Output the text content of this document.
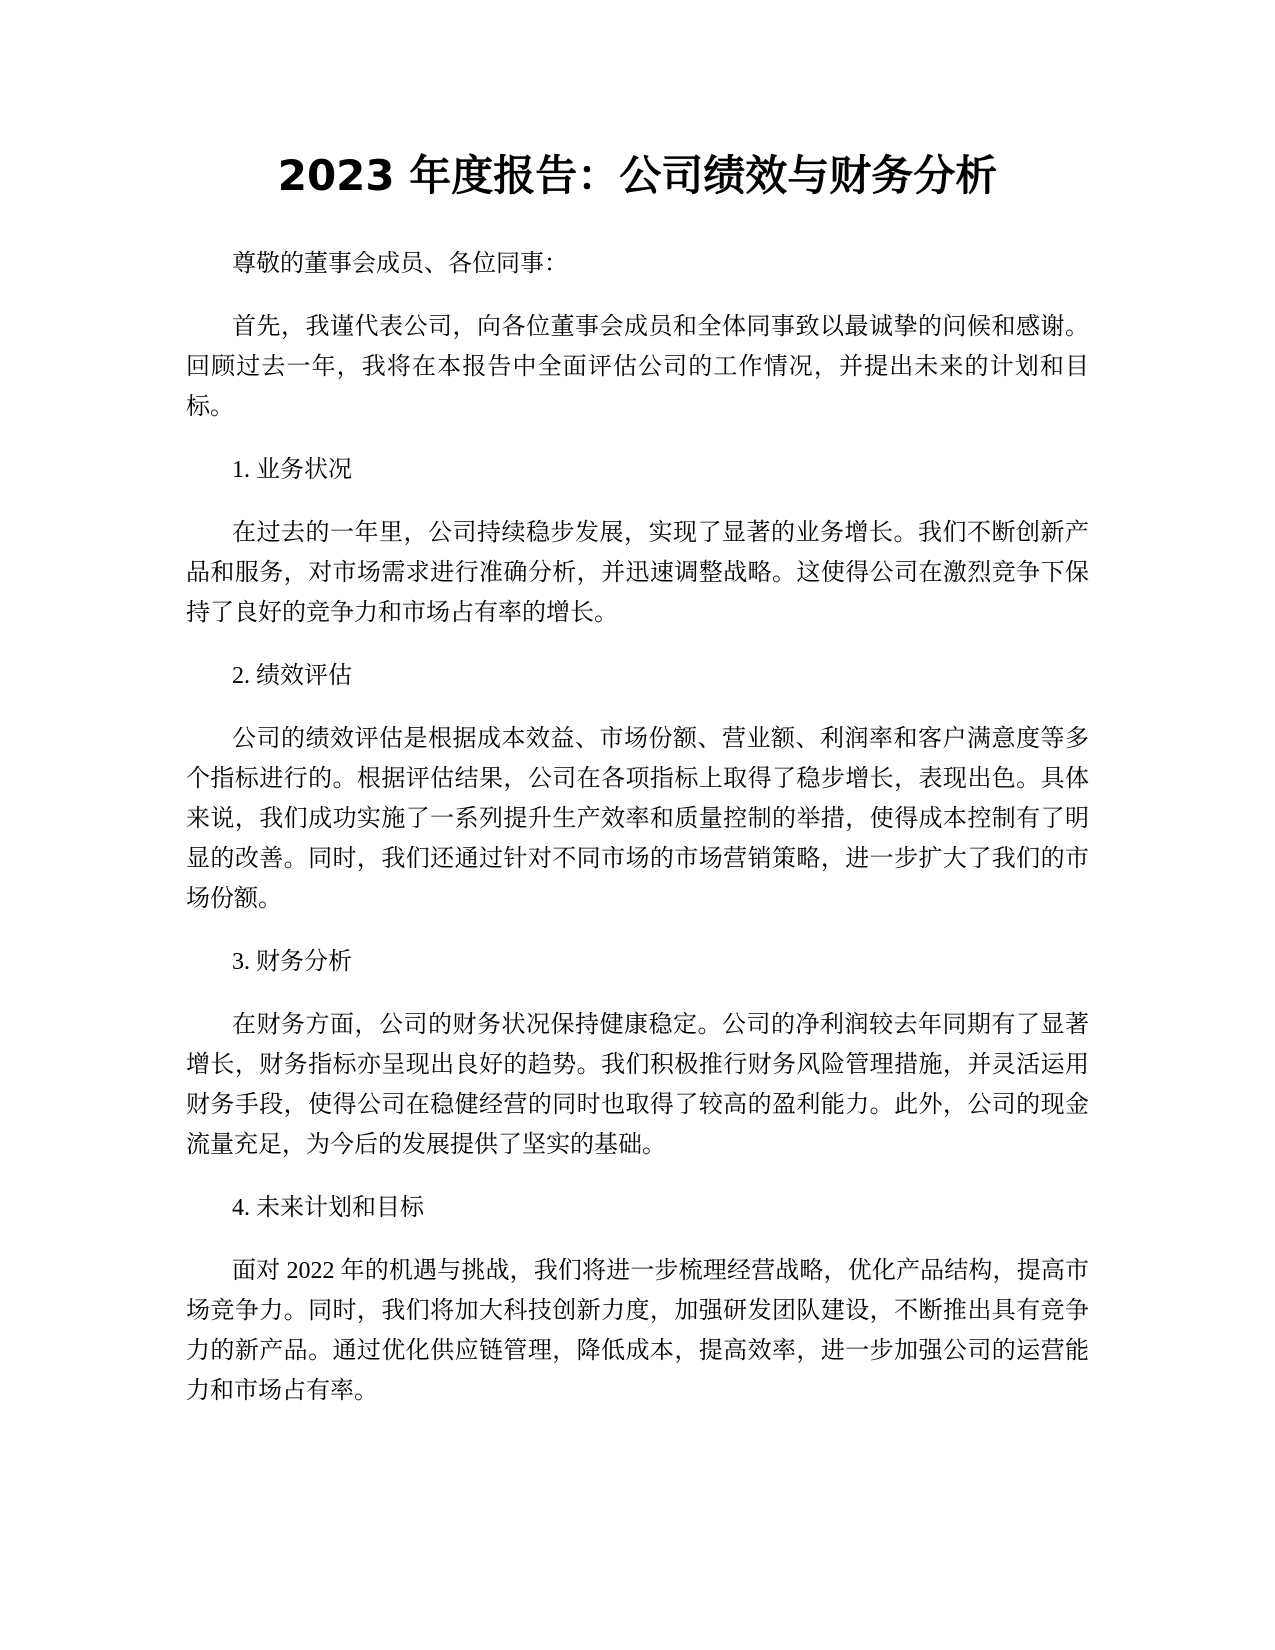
2023 年度报告：公司绩效与财务分析

尊敬的董事会成员、各位同事：

首先，我谨代表公司，向各位董事会成员和全体同事致以最诚挚的问候和感谢。回顾过去一年，我将在本报告中全面评估公司的工作情况，并提出未来的计划和目标。

1. 业务状况

在过去的一年里，公司持续稳步发展，实现了显著的业务增长。我们不断创新产品和服务，对市场需求进行准确分析，并迅速调整战略。这使得公司在激烈竞争下保持了良好的竞争力和市场占有率的增长。

2. 绩效评估

公司的绩效评估是根据成本效益、市场份额、营业额、利润率和客户满意度等多个指标进行的。根据评估结果，公司在各项指标上取得了稳步增长，表现出色。具体来说，我们成功实施了一系列提升生产效率和质量控制的举措，使得成本控制有了明显的改善。同时，我们还通过针对不同市场的市场营销策略，进一步扩大了我们的市场份额。

3. 财务分析

在财务方面，公司的财务状况保持健康稳定。公司的净利润较去年同期有了显著增长，财务指标亦呈现出良好的趋势。我们积极推行财务风险管理措施，并灵活运用财务手段，使得公司在稳健经营的同时也取得了较高的盈利能力。此外，公司的现金流量充足，为今后的发展提供了坚实的基础。

4. 未来计划和目标

面对 2022 年的机遇与挑战，我们将进一步梳理经营战略，优化产品结构，提高市场竞争力。同时，我们将加大科技创新力度，加强研发团队建设，不断推出具有竞争力的新产品。通过优化供应链管理，降低成本，提高效率，进一步加强公司的运营能力和市场占有率。
